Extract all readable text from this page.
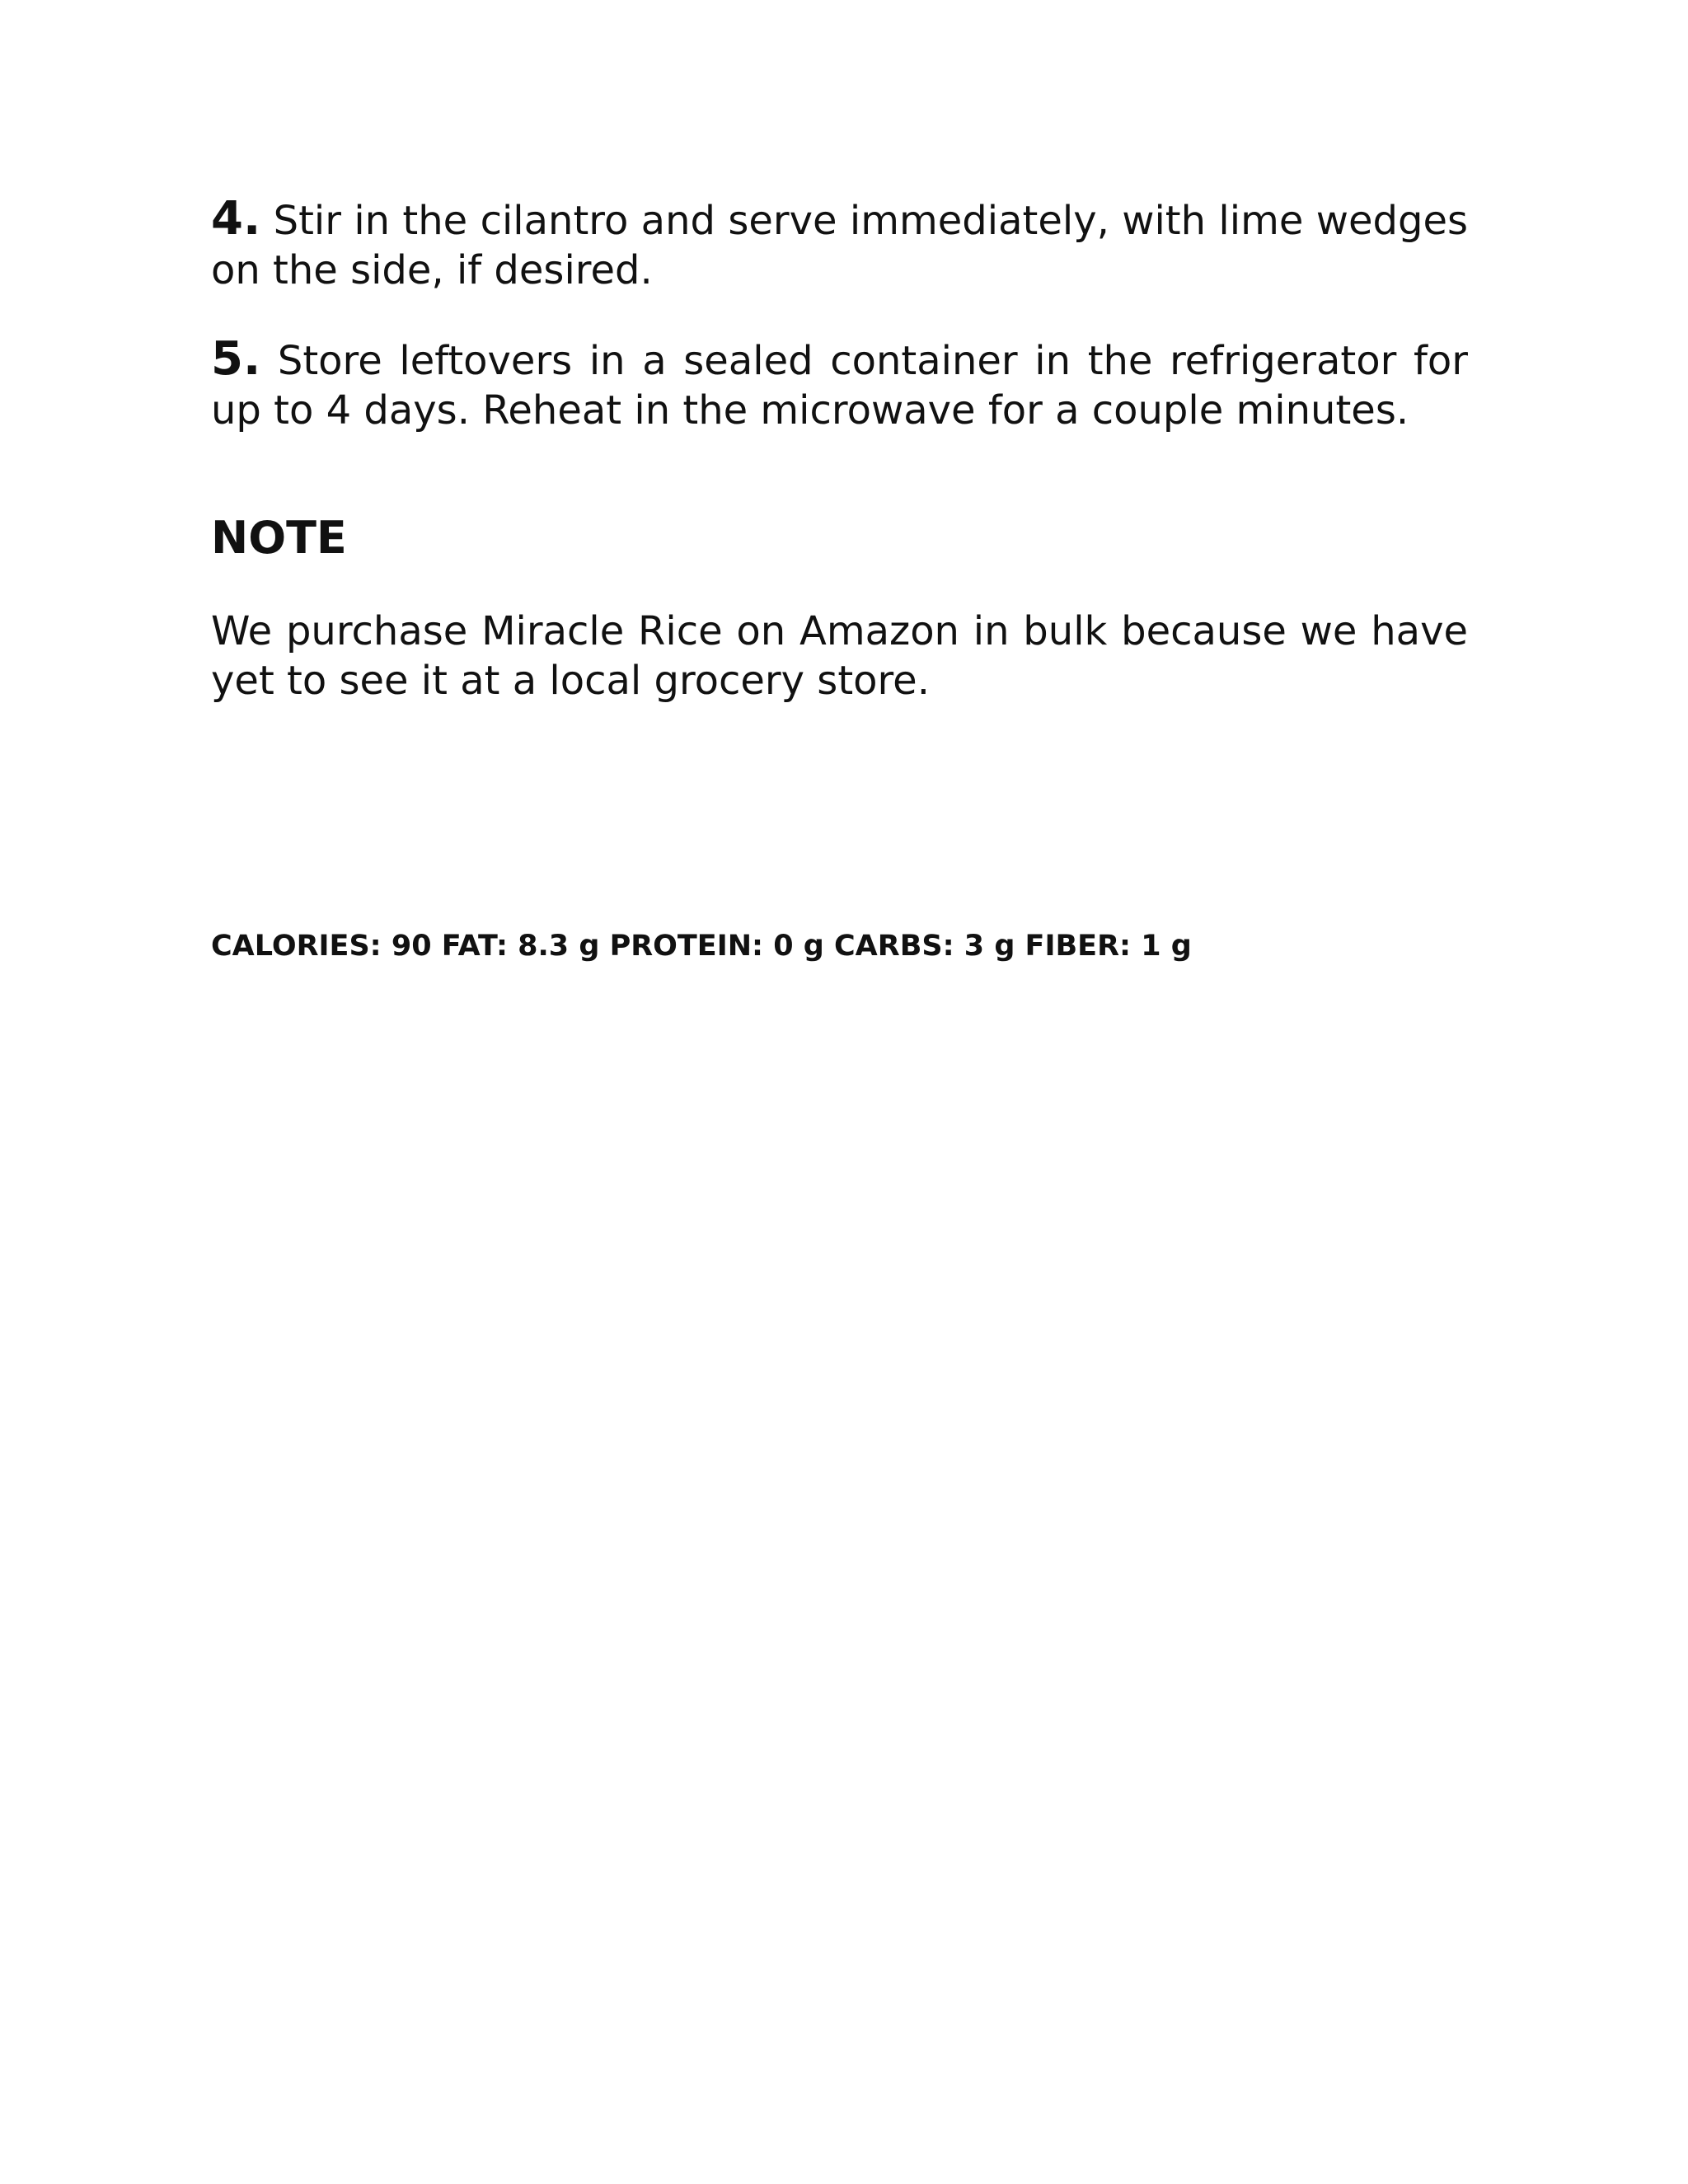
4. Stir in the cilantro and serve immediately, with lime wedges on the side, if desired.

5. Store leftovers in a sealed container in the refrigerator for up to 4 days. Reheat in the microwave for a couple minutes.

NOTE

We purchase Miracle Rice on Amazon in bulk because we have yet to see it at a local grocery store.

CALORIES: 90 FAT: 8.3 g PROTEIN: 0 g CARBS: 3 g FIBER: 1 g
